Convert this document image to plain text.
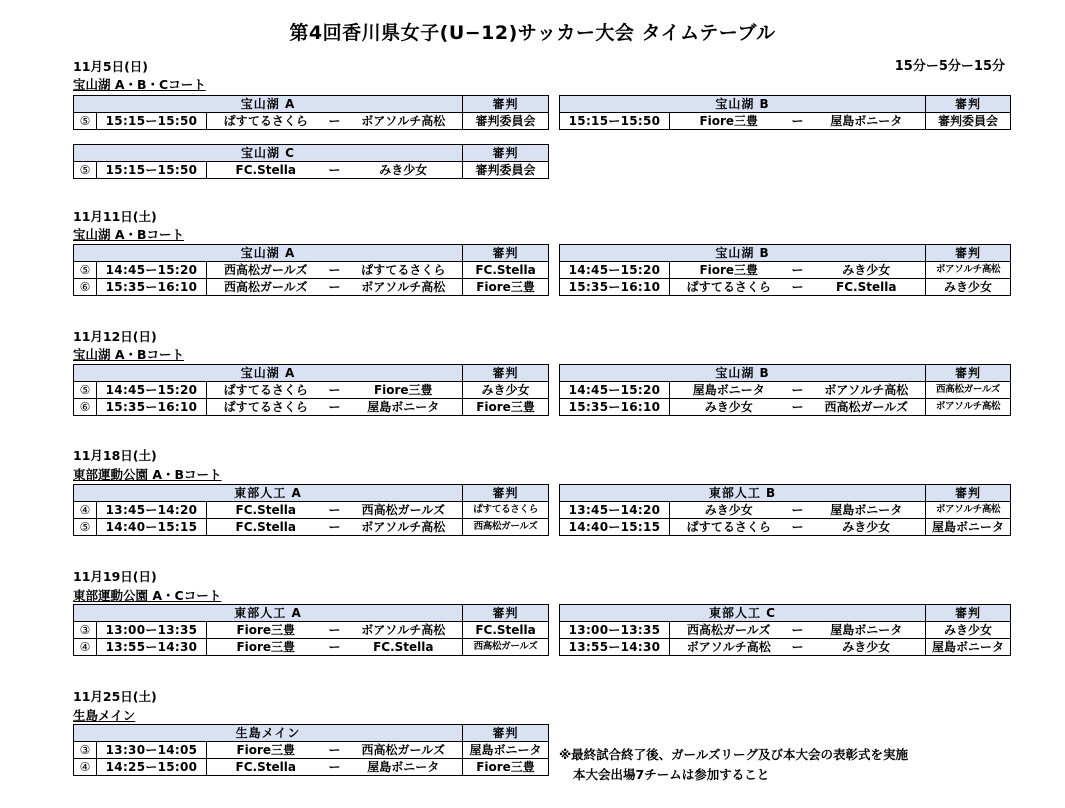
第4回香川県女子(U−12)サッカー大会 タイムテーブル
15分ー5分ー15分
11月5日(日)
宝山湖 A・B・Cコート
宝山湖 A					審判
⑤	15:15ー15:50	ぱすてるさくら	ー	ボアソルチ高松	審判委員会
宝山湖 B				審判
15:15ー15:50	Fiore三豊	ー	屋島ボニータ	審判委員会
宝山湖 C					審判
⑤	15:15ー15:50	FC.Stella	ー	みき少女	審判委員会
11月11日(土)
宝山湖 A・Bコート
宝山湖 A					審判
⑤	14:45ー15:20	西高松ガールズ	ー	ぱすてるさくら	FC.Stella
⑥	15:35ー16:10	西高松ガールズ	ー	ボアソルチ高松	Fiore三豊
宝山湖 B				審判
14:45ー15:20	Fiore三豊	ー	みき少女	ボアソルチ高松
15:35ー16:10	ぱすてるさくら	ー	FC.Stella	みき少女
11月12日(日)
宝山湖 A・Bコート
宝山湖 A					審判
⑤	14:45ー15:20	ぱすてるさくら	ー	Fiore三豊	みき少女
⑥	15:35ー16:10	ぱすてるさくら	ー	屋島ボニータ	Fiore三豊
宝山湖 B				審判
14:45ー15:20	屋島ボニータ	ー	ボアソルチ高松	西高松ガールズ
15:35ー16:10	みき少女	ー	西高松ガールズ	ボアソルチ高松
11月18日(土)
東部運動公園 A・Bコート
東部人工 A					審判
④	13:45ー14:20	FC.Stella	ー	西高松ガールズ	ぱすてるさくら
⑤	14:40ー15:15	FC.Stella	ー	ボアソルチ高松	西高松ガールズ
東部人工 B				審判
13:45ー14:20	みき少女	ー	屋島ボニータ	ボアソルチ高松
14:40ー15:15	ぱすてるさくら	ー	みき少女	屋島ボニータ
11月19日(日)
東部運動公園 A・Cコート
東部人工 A					審判
③	13:00ー13:35	Fiore三豊	ー	ボアソルチ高松	FC.Stella
④	13:55ー14:30	Fiore三豊	ー	FC.Stella	西高松ガールズ
東部人工 C				審判
13:00ー13:35	西高松ガールズ	ー	屋島ボニータ	みき少女
13:55ー14:30	ボアソルチ高松	ー	みき少女	屋島ボニータ
11月25日(土)
生島メイン
生島メイン					審判
③	13:30ー14:05	Fiore三豊	ー	西高松ガールズ	屋島ボニータ
④	14:25ー15:00	FC.Stella	ー	屋島ボニータ	Fiore三豊
※最終試合終了後、ガールズリーグ及び本大会の表彰式を実施
本大会出場7チームは参加すること
